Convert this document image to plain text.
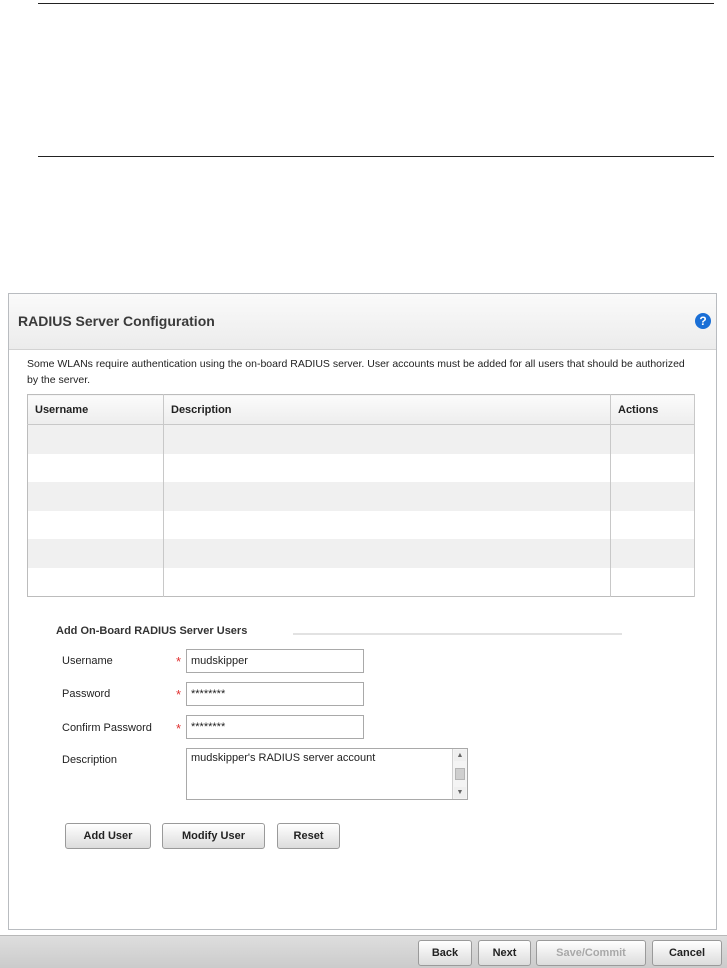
RADIUS Server Configuration	?
Some WLANs require authentication using the on-board RADIUS server. User accounts must be added for all users that should be authorized by the server.
Username	Description	Actions

Add On-Board RADIUS Server Users
Username	*
mudskipper
Password	*
********
Confirm Password *
********
Description	mudskipper's RADIUS server account	▲
▼
Add User	Modify User	Reset
Back	Next	Save/Commit	Cancel
